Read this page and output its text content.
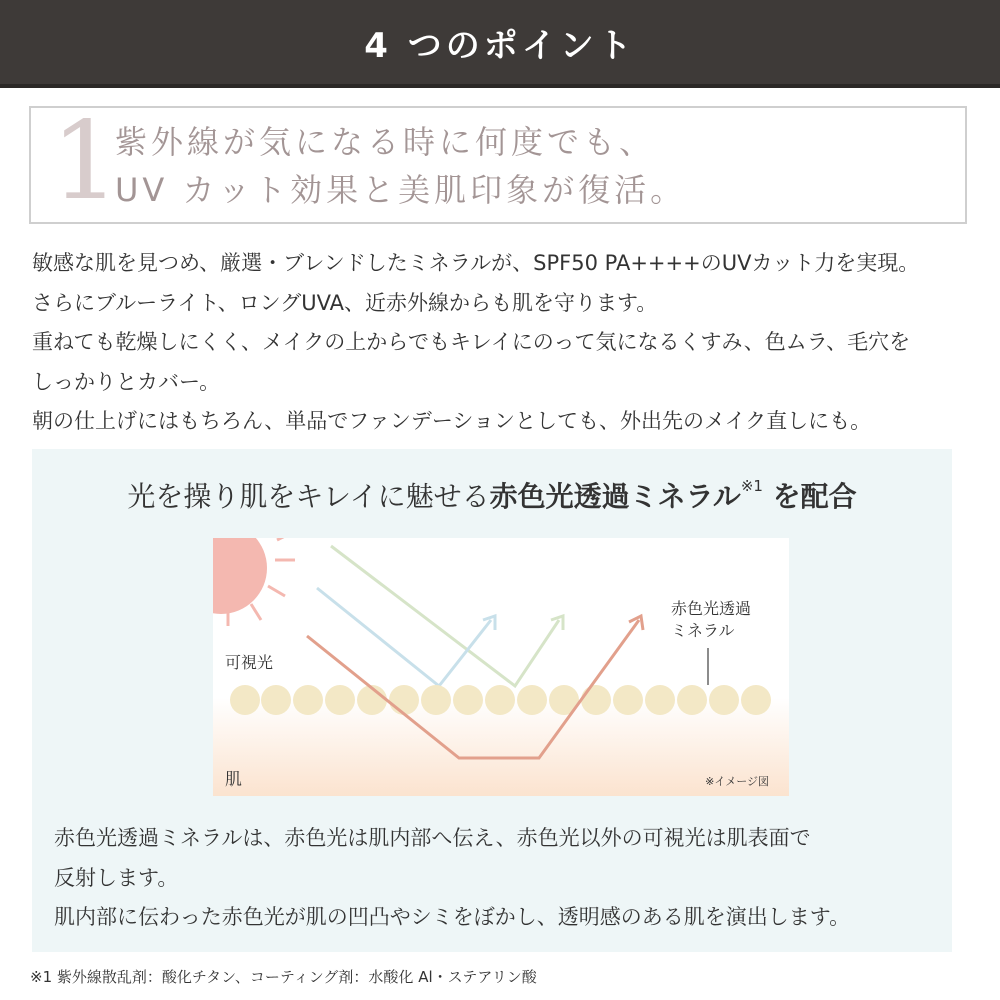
4 つのポイント
1
紫外線が気になる時に何度でも、
UV カット効果と美肌印象が復活。

敏感な肌を見つめ、厳選・ブレンドしたミネラルが、SPF50 PA++++のUVカット力を実現。

さらにブルーライト、ロングUVA、近赤外線からも肌を守ります。

重ねても乾燥しにくく、メイクの上からでもキレイにのって気になるくすみ、色ムラ、毛穴を

しっかりとカバー。

朝の仕上げにはもちろん、単品でファンデーションとしても、外出先のメイク直しにも。

光を操り肌をキレイに魅せる赤色光透過ミネラル$^{※1}$ を配合
可視光
赤色光透過
ミネラル
肌	※イメージ図

赤色光透過ミネラルは、赤色光は肌内部へ伝え、赤色光以外の可視光は肌表面で

反射します。

肌内部に伝わった赤色光が肌の凹凸やシミをぼかし、透明感のある肌を演出します。

※1 紫外線散乱剤：酸化チタン、コーティング剤：水酸化 Al・ステアリン酸
